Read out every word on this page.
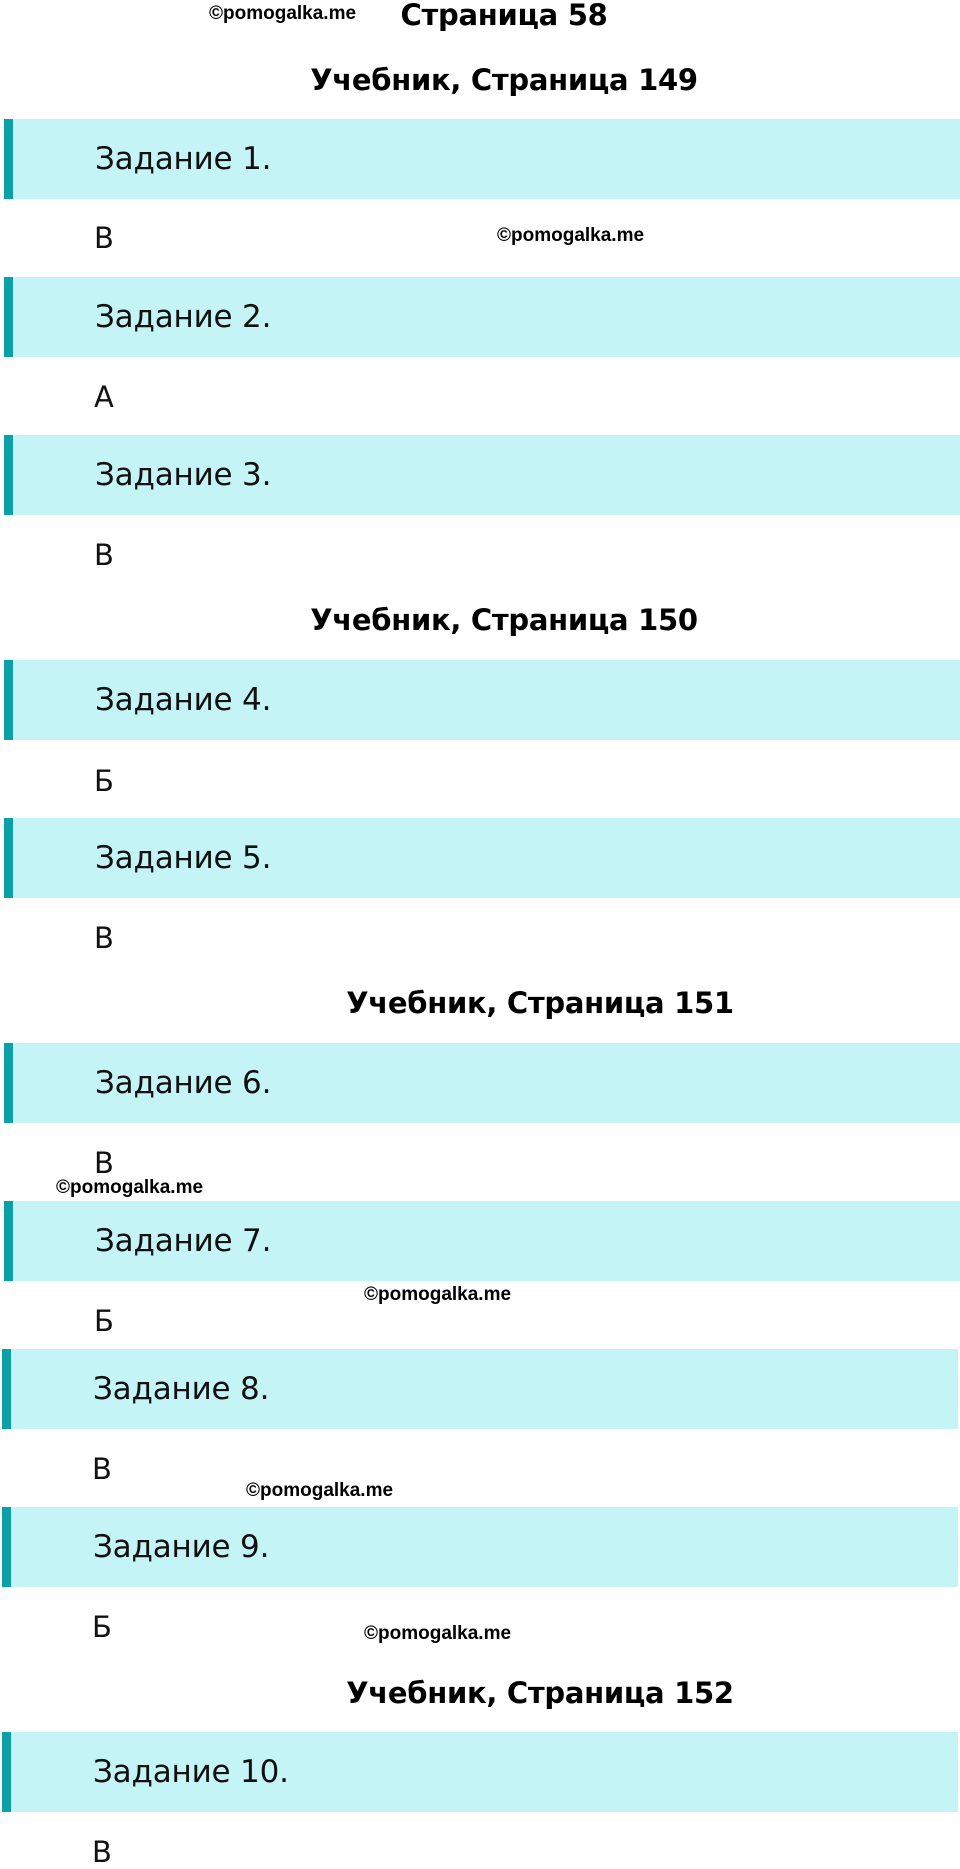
©pomogalka.me
©pomogalka.me
©pomogalka.me
©pomogalka.me
©pomogalka.me
©pomogalka.me
Страница 58
Учебник, Страница 149
Задание 1.
В
Задание 2.
А
Задание 3.
В
Учебник, Страница 150
Задание 4.
Б
Задание 5.
В
Учебник, Страница 151
Задание 6.
В
Задание 7.
Б
Задание 8.
В
Задание 9.
Б
Учебник, Страница 152
Задание 10.
В
